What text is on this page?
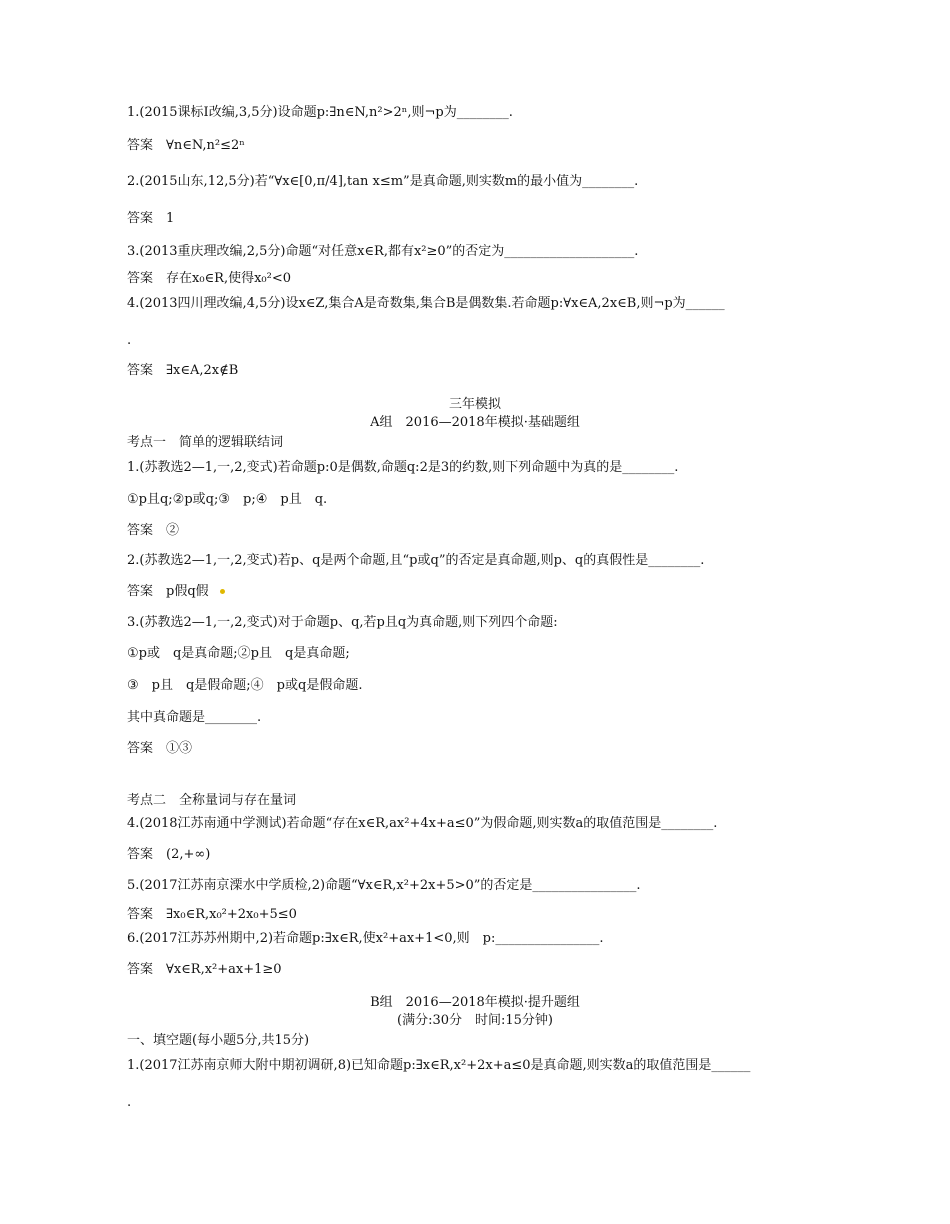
1.(2015课标Ⅰ改编,3,5分)设命题p:∃n∈N,n²>2ⁿ,则¬p为________.

答案　∀n∈N,n²≤2ⁿ

2.(2015山东,12,5分)若“∀x∈[0,π/4],tan x≤m”是真命题,则实数m的最小值为________.

答案　1

3.(2013重庆理改编,2,5分)命题“对任意x∈R,都有x²≥0”的否定为____________________.

答案　存在x₀∈R,使得x₀²<0

4.(2013四川理改编,4,5分)设x∈Z,集合A是奇数集,集合B是偶数集.若命题p:∀x∈A,2x∈B,则¬p为______

.

答案　∃x∈A,2x∉B

三年模拟
A组　2016—2018年模拟·基础题组

考点一　简单的逻辑联结词

1.(苏教选2—1,一,2,变式)若命题p:0是偶数,命题q:2是3的约数,则下列命题中为真的是________.

①p且q;②p或q;③　p;④　p且　q.

答案　②

2.(苏教选2—1,一,2,变式)若p、q是两个命题,且“p或q”的否定是真命题,则p、q的真假性是________.

答案　p假q假

3.(苏教选2—1,一,2,变式)对于命题p、q,若p且q为真命题,则下列四个命题:

①p或　q是真命题;②p且　q是真命题;

③　p且　q是假命题;④　p或q是假命题.

其中真命题是________.

答案　①③

考点二　全称量词与存在量词

4.(2018江苏南通中学测试)若命题“存在x∈R,ax²+4x+a≤0”为假命题,则实数a的取值范围是________.

答案　(2,+∞)

5.(2017江苏南京溧水中学质检,2)命题“∀x∈R,x²+2x+5>0”的否定是________________.

答案　∃x₀∈R,x₀²+2x₀+5≤0

6.(2017江苏苏州期中,2)若命题p:∃x∈R,使x²+ax+1<0,则　p:________________.

答案　∀x∈R,x²+ax+1≥0

B组　2016—2018年模拟·提升题组
(满分:30分　时间:15分钟)

一、填空题(每小题5分,共15分)

1.(2017江苏南京师大附中期初调研,8)已知命题p:∃x∈R,x²+2x+a≤0是真命题,则实数a的取值范围是______

.
